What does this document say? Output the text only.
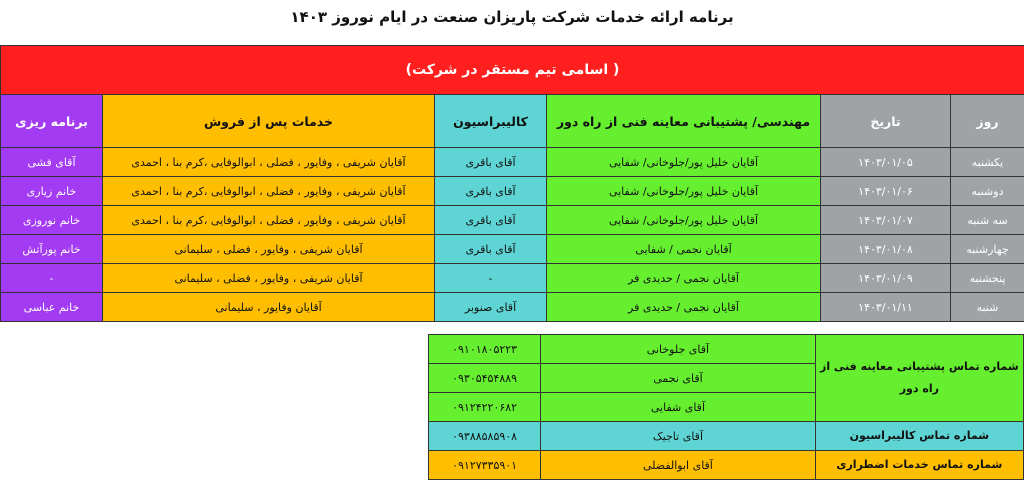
برنامه ارائه خدمات شرکت پاریزان صنعت در ایام نوروز ۱۴۰۳
( اسامی تیم مستقر در شرکت)					
روز	تاریخ	مهندسی/ پشتیبانی معاینه فنی از راه دور	کالیبراسیون	خدمات پس از فروش	برنامه ریزی
یکشنبه	۱۴۰۳/۰۱/۰۵	آقایان خلیل پور/جلوخانی/ شفایی	آقای باقری	آقایان شریفی ، وفایور ، فضلی ، ابوالوفایی ،کرم بنا ، احمدی	آقای فشی
دوشنبه	۱۴۰۳/۰۱/۰۶	آقایان خلیل پور/جلوخانی/ شفایی	آقای باقری	آقایان شریفی ، وفایور ، فضلی ، ابوالوفایی ،کرم بنا ، احمدی	خانم زیاری
سه شنبه	۱۴۰۳/۰۱/۰۷	آقایان خلیل پور/جلوخانی/ شفایی	آقای باقری	آقایان شریفی ، وفایور ، فضلی ، ابوالوفایی ،کرم بنا ، احمدی	خانم نوروزی
چهارشنبه	۱۴۰۳/۰۱/۰۸	آقایان نجمی / شفایی	آقای باقری	آقایان شریفی ، وفایور ، فضلی ، سلیمانی	خانم پورآتش
پنجشنبه	۱۴۰۳/۰۱/۰۹	آقایان نجمی / حدیدی فر	-	آقایان شریفی ، وفایور ، فضلی ، سلیمانی	-
شنبه	۱۴۰۳/۰۱/۱۱	آقایان نجمی / حدیدی فر	آقای صنوبر	آقایان وفایور ، سلیمانی	خانم عباسی
شماره تماس پشتیبانی معاینه فنی از راه دور	آقای جلوخانی	۰۹۱۰۱۸۰۵۲۲۳
	آقای نجمی	۰۹۳۰۵۴۵۴۸۸۹
	آقای شفایی	۰۹۱۲۴۲۲۰۶۸۲
شماره تماس کالیبراسیون	آقای تاجیک	۰۹۳۸۸۵۸۵۹۰۸
شماره تماس خدمات اضطراری	آقای ابوالفضلی	۰۹۱۲۷۳۳۵۹۰۱
